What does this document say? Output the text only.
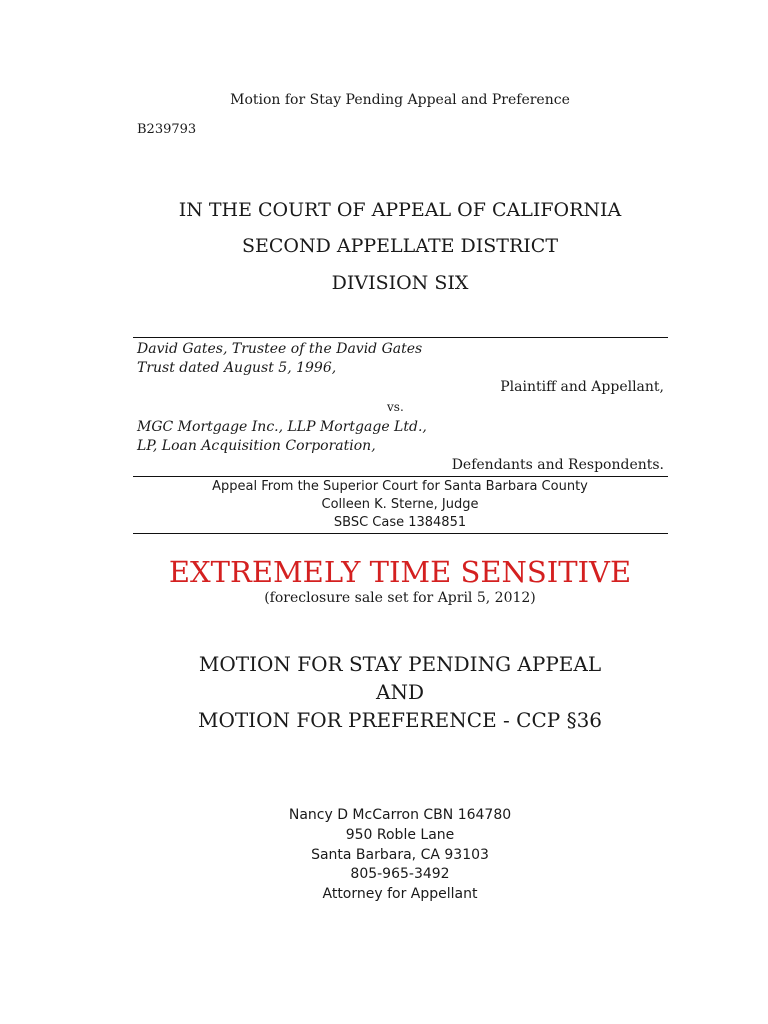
Motion for Stay Pending Appeal and Preference
B239793
IN THE COURT OF APPEAL OF CALIFORNIA
SECOND APPELLATE DISTRICT
DIVISION SIX
David Gates, Trustee of the David Gates
Trust dated August 5, 1996,
Plaintiff and Appellant,
vs.
MGC Mortgage Inc., LLP Mortgage Ltd.,
LP, Loan Acquisition Corporation,
Defendants and Respondents.
Appeal From the Superior Court for Santa Barbara County
Colleen K. Sterne, Judge
SBSC Case 1384851
EXTREMELY TIME SENSITIVE
(foreclosure sale set for April 5, 2012)
MOTION FOR STAY PENDING APPEAL
AND
MOTION FOR PREFERENCE - CCP §36
Nancy D McCarron CBN 164780
950 Roble Lane
Santa Barbara, CA 93103
805-965-3492
Attorney for Appellant
